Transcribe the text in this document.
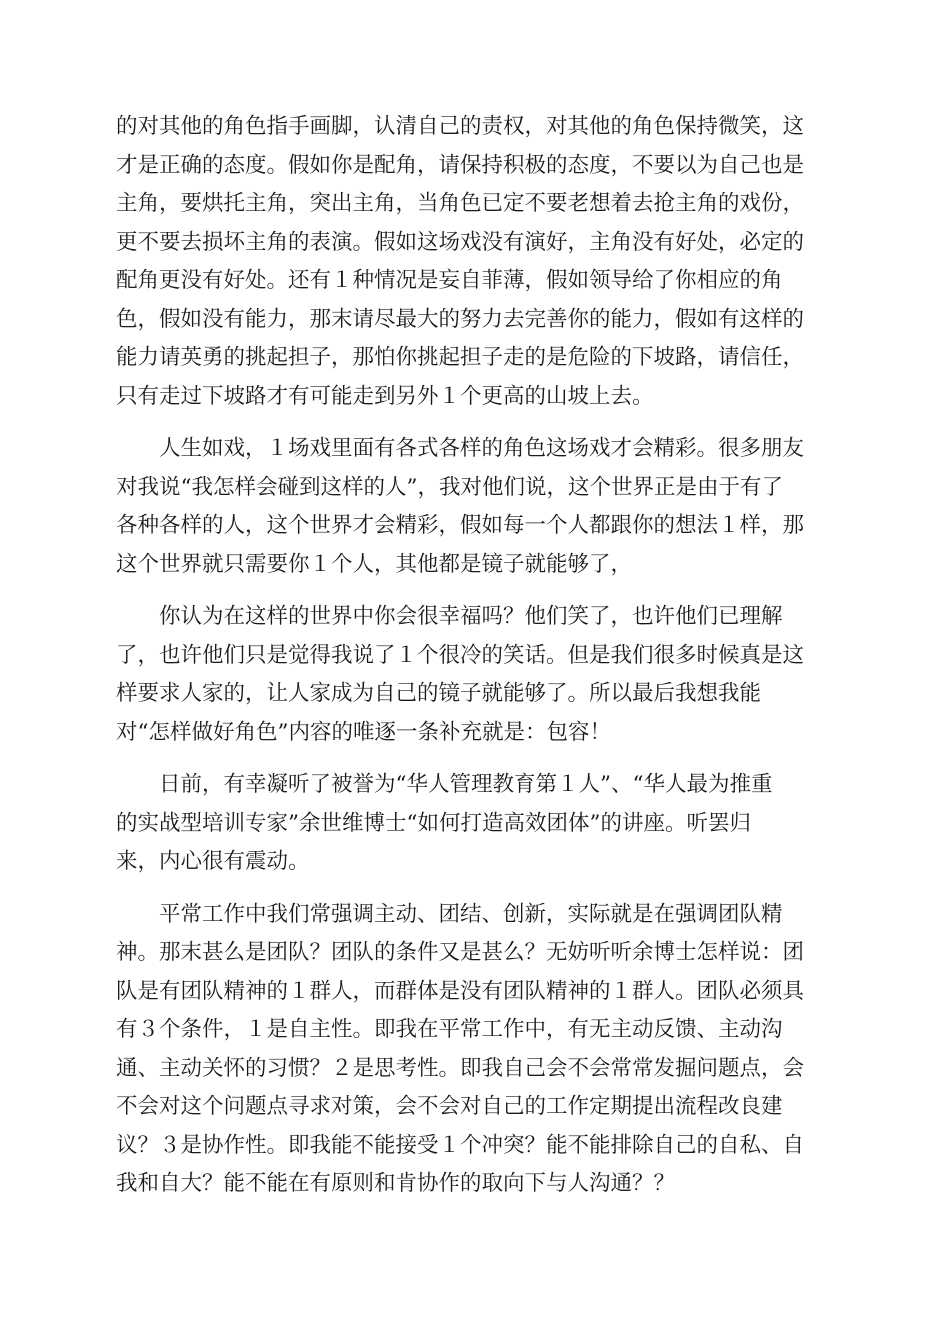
的对其他的角色指手画脚，认清自己的责权，对其他的角色保持微笑，这
才是正确的态度。假如你是配角，请保持积极的态度，不要以为自己也是
主角，要烘托主角，突出主角，当角色已定不要老想着去抢主角的戏份，
更不要去损坏主角的表演。假如这场戏没有演好，主角没有好处，必定的
配角更没有好处。还有１种情况是妄自菲薄，假如领导给了你相应的角
色，假如没有能力，那末请尽最大的努力去完善你的能力，假如有这样的
能力请英勇的挑起担子，那怕你挑起担子走的是危险的下坡路，请信任，
只有走过下坡路才有可能走到另外１个更高的山坡上去。
　　人生如戏，１场戏里面有各式各样的角色这场戏才会精彩。很多朋友
对我说“我怎样会碰到这样的人”，我对他们说，这个世界正是由于有了
各种各样的人，这个世界才会精彩，假如每一个人都跟你的想法１样，那
这个世界就只需要你１个人，其他都是镜子就能够了，
　　你认为在这样的世界中你会很幸福吗？他们笑了，也许他们已理解
了，也许他们只是觉得我说了１个很冷的笑话。但是我们很多时候真是这
样要求人家的，让人家成为自己的镜子就能够了。所以最后我想我能
对“怎样做好角色”内容的唯逐一条补充就是：包容！
　　日前，有幸凝听了被誉为“华人管理教育第１人”、“华人最为推重
的实战型培训专家”余世维博士“如何打造高效团体”的讲座。听罢归
来，内心很有震动。
　　平常工作中我们常强调主动、团结、创新，实际就是在强调团队精
神。那末甚么是团队？团队的条件又是甚么？无妨听听余博士怎样说：团
队是有团队精神的１群人，而群体是没有团队精神的１群人。团队必须具
有３个条件，１是自主性。即我在平常工作中，有无主动反馈、主动沟
通、主动关怀的习惯？２是思考性。即我自己会不会常常发掘问题点，会
不会对这个问题点寻求对策，会不会对自己的工作定期提出流程改良建
议？３是协作性。即我能不能接受１个冲突？能不能排除自己的自私、自
我和自大？能不能在有原则和肯协作的取向下与人沟通？？
